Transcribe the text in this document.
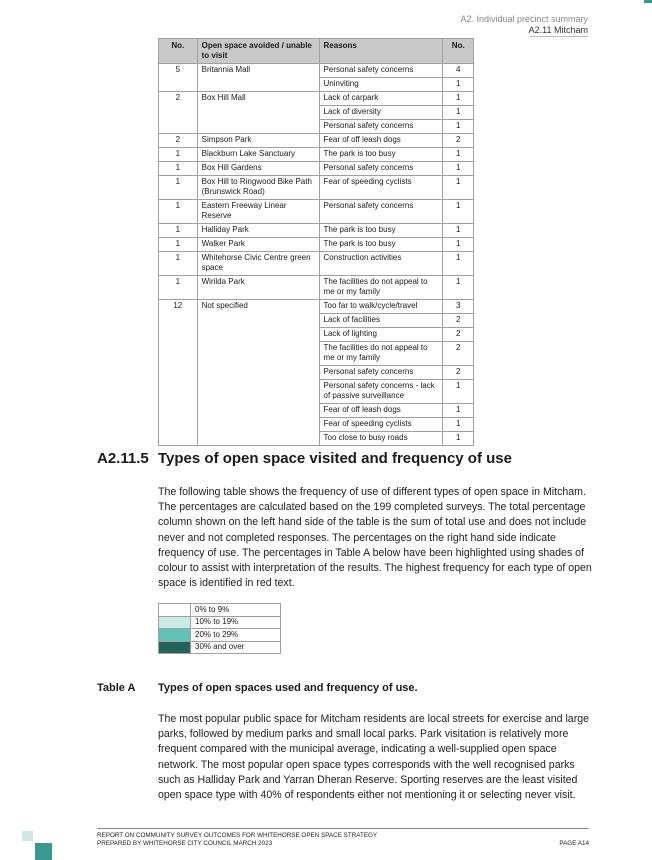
A2. Individual precinct summary
A2.11 Mitcham
No.	Open space avoided / unable to visit	Reasons	No.
5	Britannia Mall	Personal safety concerns	4
		Uninviting	1
2	Box Hill Mall	Lack of carpark	1
		Lack of diversity	1
		Personal safety concerns	1
2	Simpson Park	Fear of off leash dogs	2
1	Blackburn Lake Sanctuary	The park is too busy	1
1	Box Hill Gardens	Personal safety concerns	1
1	Box Hill to Ringwood Bike Path (Brunswick Road)	Fear of speeding cyclists	1
1	Eastern Freeway Linear Reserve	Personal safety concerns	1
1	Halliday Park	The park is too busy	1
1	Walker Park	The park is too busy	1
1	Whitehorse Civic Centre green space	Construction activities	1
1	Wirilda Park	The facilities do not appeal to me or my family	1
12	Not specified	Too far to walk/cycle/travel	3
		Lack of facilities	2
		Lack of lighting	2
		The facilities do not appeal to me or my family	2
		Personal safety concerns	2
		Personal safety concerns - lack of passive surveillance	1
		Fear of off leash dogs	1
		Fear of speeding cyclists	1
		Too close to busy roads	1
A2.11.5 Types of open space visited and frequency of use

The following table shows the frequency of use of different types of open space in Mitcham. The percentages are calculated based on the 199 completed surveys. The total percentage column shown on the left hand side of the table is the sum of total use and does not include never and not completed responses. The percentages on the right hand side indicate frequency of use. The percentages in Table A below have been highlighted using shades of colour to assist with interpretation of the results. The highest frequency for each type of open space is identified in red text.

	0% to 9%
	10% to 19%
	20% to 29%
	30% and over
Table A Types of open spaces used and frequency of use.

The most popular public space for Mitcham residents are local streets for exercise and large parks, followed by medium parks and small local parks. Park visitation is relatively more frequent compared with the municipal average, indicating a well-supplied open space network. The most popular open space types corresponds with the well recognised parks such as Halliday Park and Yarran Dheran Reserve. Sporting reserves are the least visited open space type with 40% of respondents either not mentioning it or selecting never visit.

REPORT ON COMMUNITY SURVEY OUTCOMES FOR WHITEHORSE OPEN SPACE STRATEGY
PREPARED BY WHITEHORSE CITY COUNCIL MARCH 2023	PAGE A14
